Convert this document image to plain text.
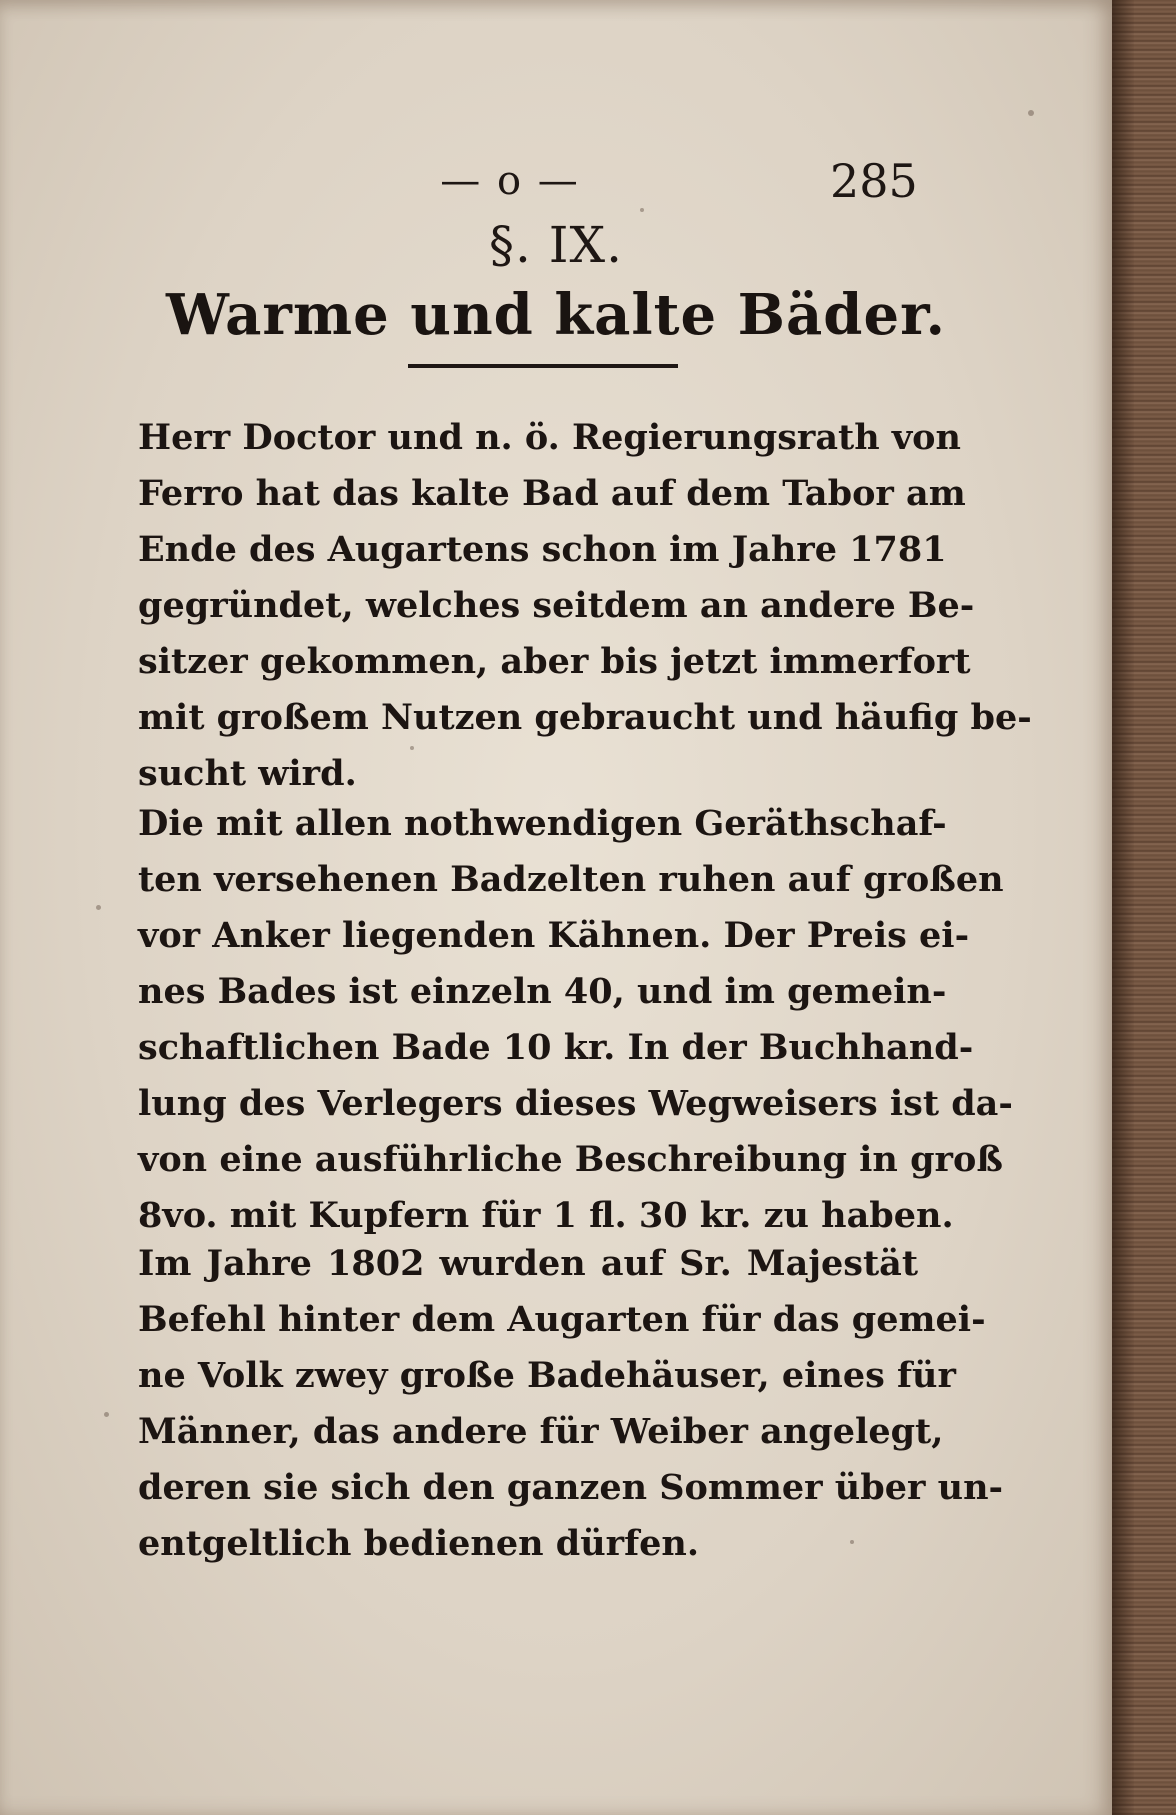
— o —	285
§. IX.
Warme und kalte Bäder.
Herr Doctor und n. ö. Regierungsrath von
Ferro hat das kalte Bad auf dem Tabor am
Ende des Augartens schon im Jahre 1781
gegründet, welches seitdem an andere Be-
sitzer gekommen, aber bis jetzt immerfort
mit großem Nutzen gebraucht und häufig be-
sucht wird.
Die mit allen nothwendigen Geräthschaf-
ten versehenen Badzelten ruhen auf großen
vor Anker liegenden Kähnen. Der Preis ei-
nes Bades ist einzeln 40, und im gemein-
schaftlichen Bade 10 kr. In der Buchhand-
lung des Verlegers dieses Wegweisers ist da-
von eine ausführliche Beschreibung in groß
8vo. mit Kupfern für 1 fl. 30 kr. zu haben.
Im Jahre 1802 wurden auf Sr. Majestät
Befehl hinter dem Augarten für das gemei-
ne Volk zwey große Badehäuser, eines für
Männer, das andere für Weiber angelegt,
deren sie sich den ganzen Sommer über un-
entgeltlich bedienen dürfen.
